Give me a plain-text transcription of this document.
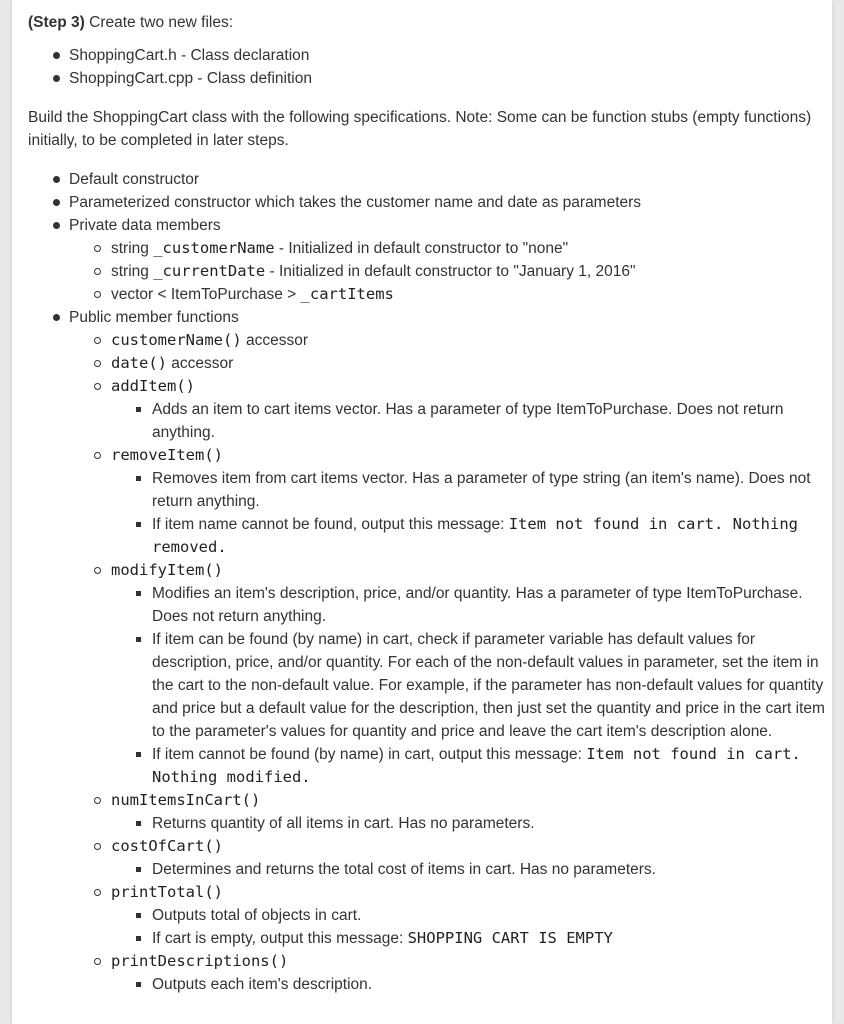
(Step 3) Create two new files:

ShoppingCart.h - Class declaration
ShoppingCart.cpp - Class definition

Build the ShoppingCart class with the following specifications. Note: Some can be function stubs (empty functions) initially, to be completed in later steps.

Default constructor
Parameterized constructor which takes the customer name and date as parameters
Private data members
string _customerName - Initialized in default constructor to "none"
string _currentDate - Initialized in default constructor to "January 1, 2016"
vector < ItemToPurchase > _cartItems
Public member functions
customerName() accessor
date() accessor
addItem()
Adds an item to cart items vector. Has a parameter of type ItemToPurchase. Does not return anything.
removeItem()
Removes item from cart items vector. Has a parameter of type string (an item's name). Does not return anything.
If item name cannot be found, output this message: Item not found in cart. Nothing removed.
modifyItem()
Modifies an item's description, price, and/or quantity. Has a parameter of type ItemToPurchase. Does not return anything.
If item can be found (by name) in cart, check if parameter variable has default values for description, price, and/or quantity. For each of the non-default values in parameter, set the item in the cart to the non-default value. For example, if the parameter has non-default values for quantity and price but a default value for the description, then just set the quantity and price in the cart item to the parameter's values for quantity and price and leave the cart item's description alone.
If item cannot be found (by name) in cart, output this message: Item not found in cart. Nothing modified.
numItemsInCart()
Returns quantity of all items in cart. Has no parameters.
costOfCart()
Determines and returns the total cost of items in cart. Has no parameters.
printTotal()
Outputs total of objects in cart.
If cart is empty, output this message: SHOPPING CART IS EMPTY
printDescriptions()
Outputs each item's description.
